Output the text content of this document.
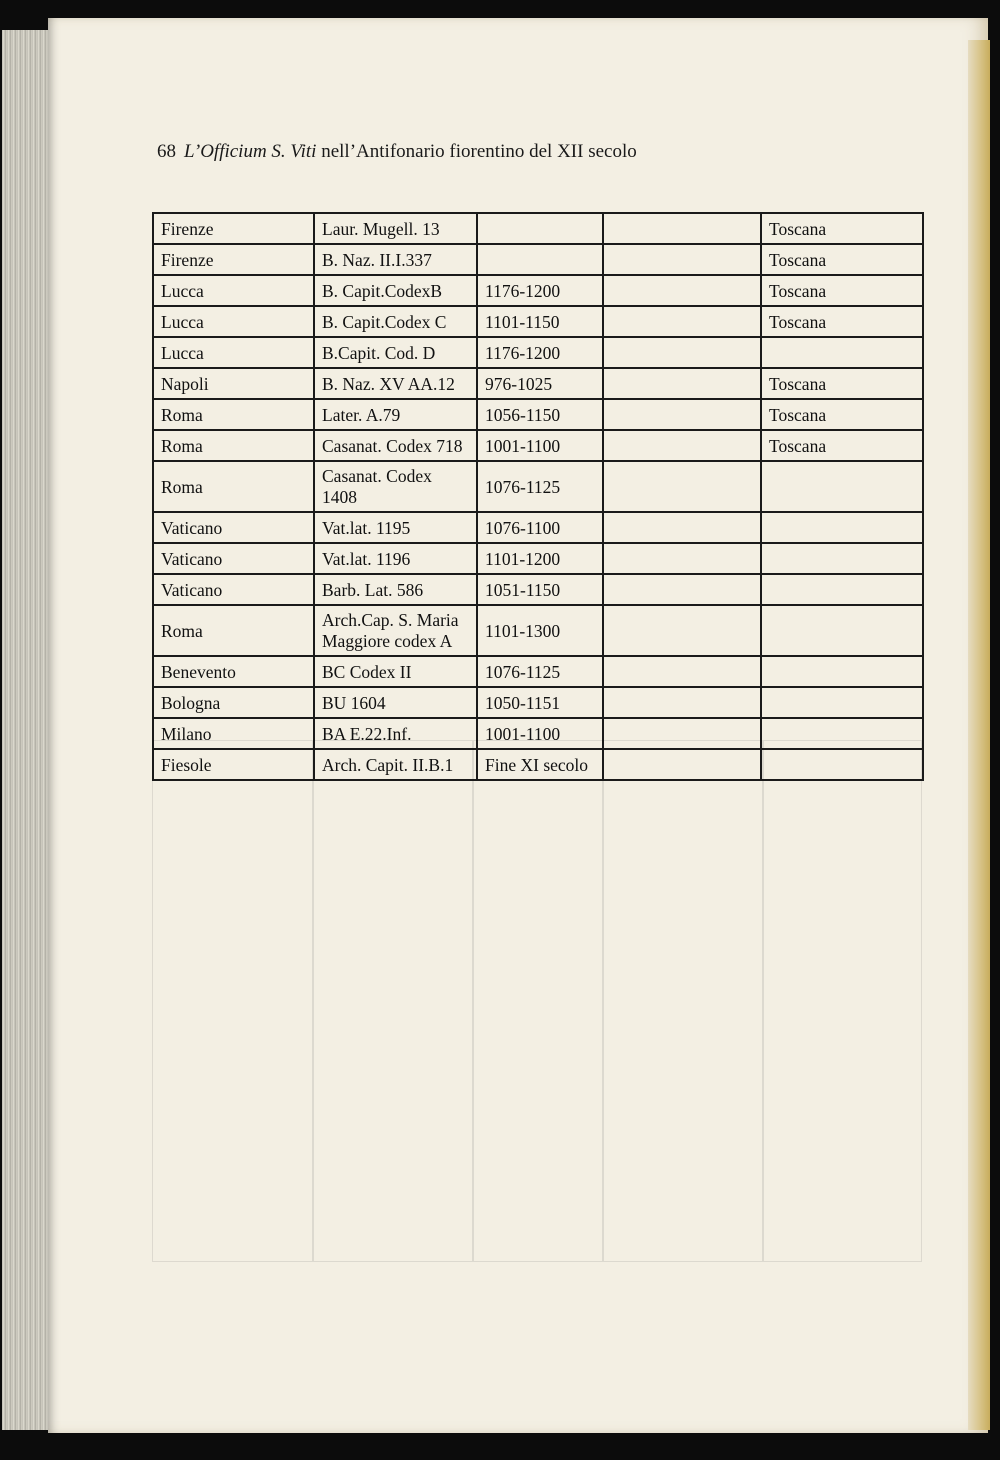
68 L’Officium S. Viti nell’Antifonario fiorentino del XII secolo
Firenze	Laur. Mugell. 13			Toscana
Firenze	B. Naz. II.I.337			Toscana
Lucca	B. Capit.CodexB	1176-1200		Toscana
Lucca	B. Capit.Codex C	1101-1150		Toscana
Lucca	B.Capit. Cod. D	1176-1200		
Napoli	B. Naz. XV AA.12	976-1025		Toscana
Roma	Later. A.79	1056-1150		Toscana
Roma	Casanat. Codex 718	1001-1100		Toscana
Roma	Casanat. Codex 1408	1076-1125		
Vaticano	Vat.lat. 1195	1076-1100		
Vaticano	Vat.lat. 1196	1101-1200		
Vaticano	Barb. Lat. 586	1051-1150		
Roma	Arch.Cap. S. Maria Maggiore codex A	1101-1300		
Benevento	BC Codex II	1076-1125		
Bologna	BU 1604	1050-1151		
Milano	BA E.22.Inf.	1001-1100		
Fiesole	Arch. Capit. II.B.1	Fine XI secolo		
